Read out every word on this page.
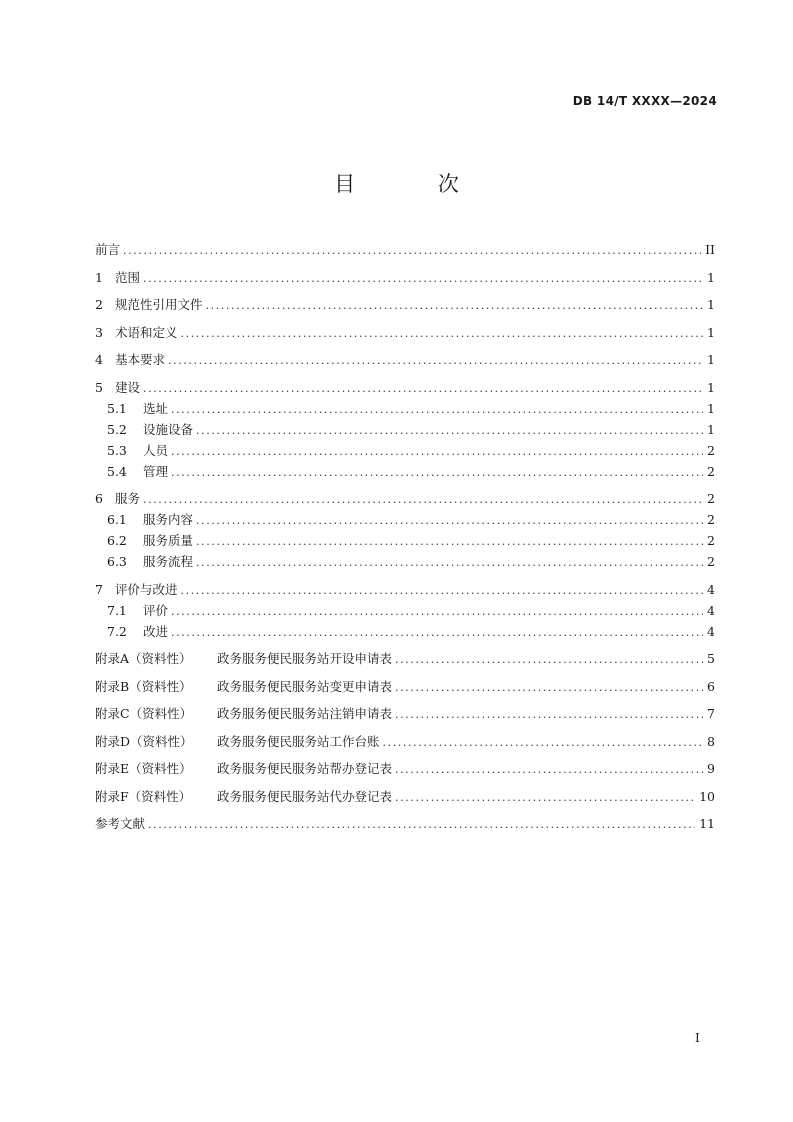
DB 14/T XXXX—2024
目 次
前言 .....	II
1 范围 .....	1
2 规范性引用文件 .....	1
3 术语和定义 .....	1
4 基本要求 .....	1
5 建设 .....	1
5.1	选址 .....	1
5.2	设施设备 .....	1
5.3	人员 .....	2
5.4	管理 .....	2
6 服务 .....	2
6.1	服务内容 .....	2
6.2	服务质量 .....	2
6.3	服务流程 .....	2
7 评价与改进 .....	4
7.1	评价 .....	4
7.2	改进 .....	4
附录A（资料性）	政务服务便民服务站开设申请表 .....	5
附录B（资料性）	政务服务便民服务站变更申请表 .....	6
附录C（资料性）	政务服务便民服务站注销申请表 .....	7
附录D（资料性）	政务服务便民服务站工作台账 .....	8
附录E（资料性）	政务服务便民服务站帮办登记表 .....	9
附录F（资料性）	政务服务便民服务站代办登记表 .....	10
参考文献 .....	11
I
